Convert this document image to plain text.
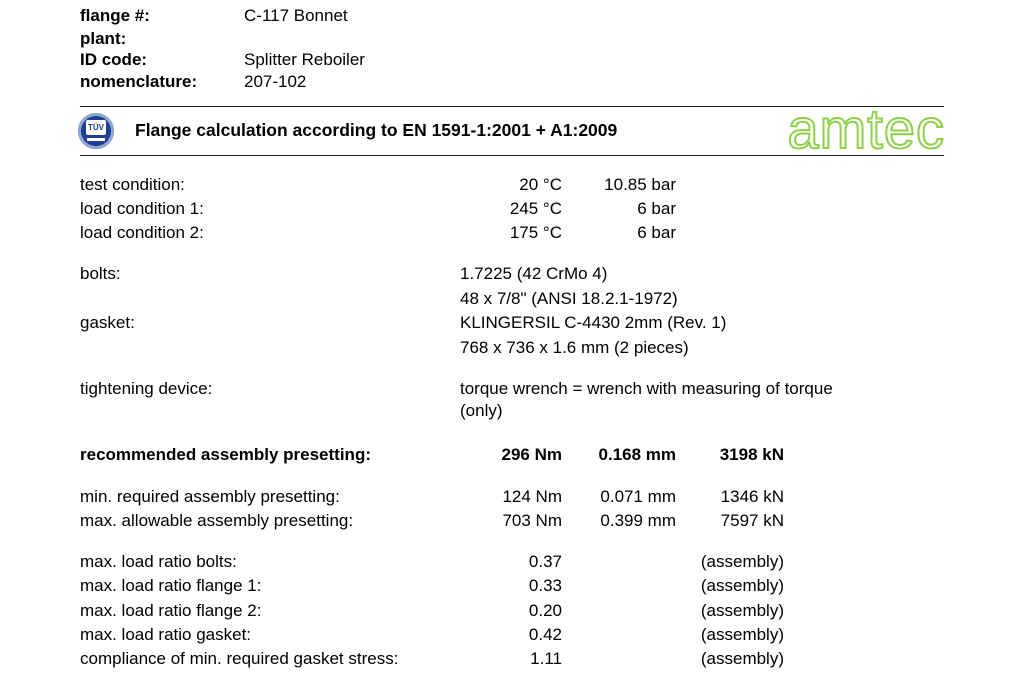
flange #:	C-117 Bonnet
plant:
ID code:	Splitter Reboiler
nomenclature:	207-102
TÜV Flange calculation according to EN 1591-1:2001 + A1:2009	amtec
test condition:	20 °C	10.85 bar
load condition 1:	245 °C	6 bar
load condition 2:	175 °C	6 bar
bolts:	1.7225 (42 CrMo 4)
48 x 7/8" (ANSI 18.2.1-1972)
gasket:	KLINGERSIL C-4430 2mm (Rev. 1)
768 x 736 x 1.6 mm (2 pieces)
tightening device:	torque wrench = wrench with measuring of torque
(only)
recommended assembly presetting:	296 Nm	0.168 mm	3198 kN
min. required assembly presetting:	124 Nm	0.071 mm	1346 kN
max. allowable assembly presetting:	703 Nm	0.399 mm	7597 kN
max. load ratio bolts:	0.37	(assembly)
max. load ratio flange 1:	0.33	(assembly)
max. load ratio flange 2:	0.20	(assembly)
max. load ratio gasket:	0.42	(assembly)
compliance of min. required gasket stress:	1.11	(assembly)
